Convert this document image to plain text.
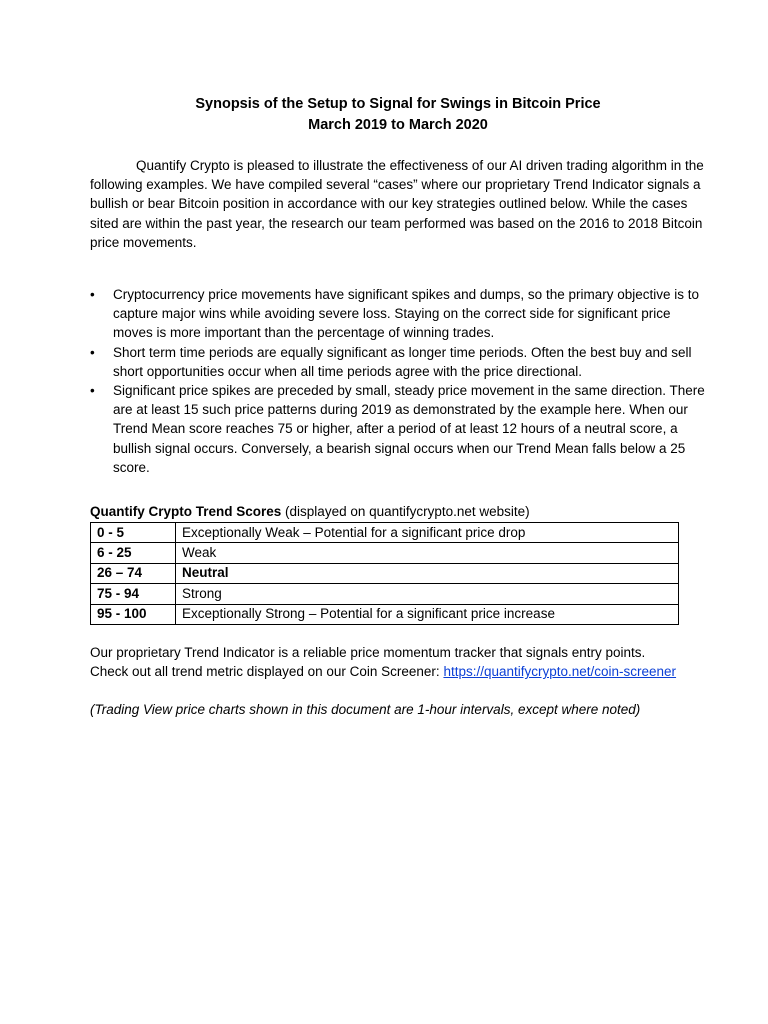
Synopsis of the Setup to Signal for Swings in Bitcoin Price
March 2019 to March 2020

Quantify Crypto is pleased to illustrate the effectiveness of our AI driven trading algorithm in the following examples. We have compiled several “cases” where our proprietary Trend Indicator signals a bullish or bear Bitcoin position in accordance with our key strategies outlined below. While the cases sited are within the past year, the research our team performed was based on the 2016 to 2018 Bitcoin price movements.

•	Cryptocurrency price movements have significant spikes and dumps, so the primary objective is to capture major wins while avoiding severe loss. Staying on the correct side for significant price moves is more important than the percentage of winning trades.
•	Short term time periods are equally significant as longer time periods. Often the best buy and sell short opportunities occur when all time periods agree with the price directional.
•	Significant price spikes are preceded by small, steady price movement in the same direction. There are at least 15 such price patterns during 2019 as demonstrated by the example here. When our Trend Mean score reaches 75 or higher, after a period of at least 12 hours of a neutral score, a bullish signal occurs. Conversely, a bearish signal occurs when our Trend Mean falls below a 25 score.
Quantify Crypto Trend Scores (displayed on quantifycrypto.net website)
0 - 5	Exceptionally Weak – Potential for a significant price drop
6 - 25	Weak
26 – 74	Neutral
75 - 94	Strong
95 - 100	Exceptionally Strong – Potential for a significant price increase

Our proprietary Trend Indicator is a reliable price momentum tracker that signals entry points.
Check out all trend metric displayed on our Coin Screener: https://quantifycrypto.net/coin-screener

(Trading View price charts shown in this document are 1-hour intervals, except where noted)
